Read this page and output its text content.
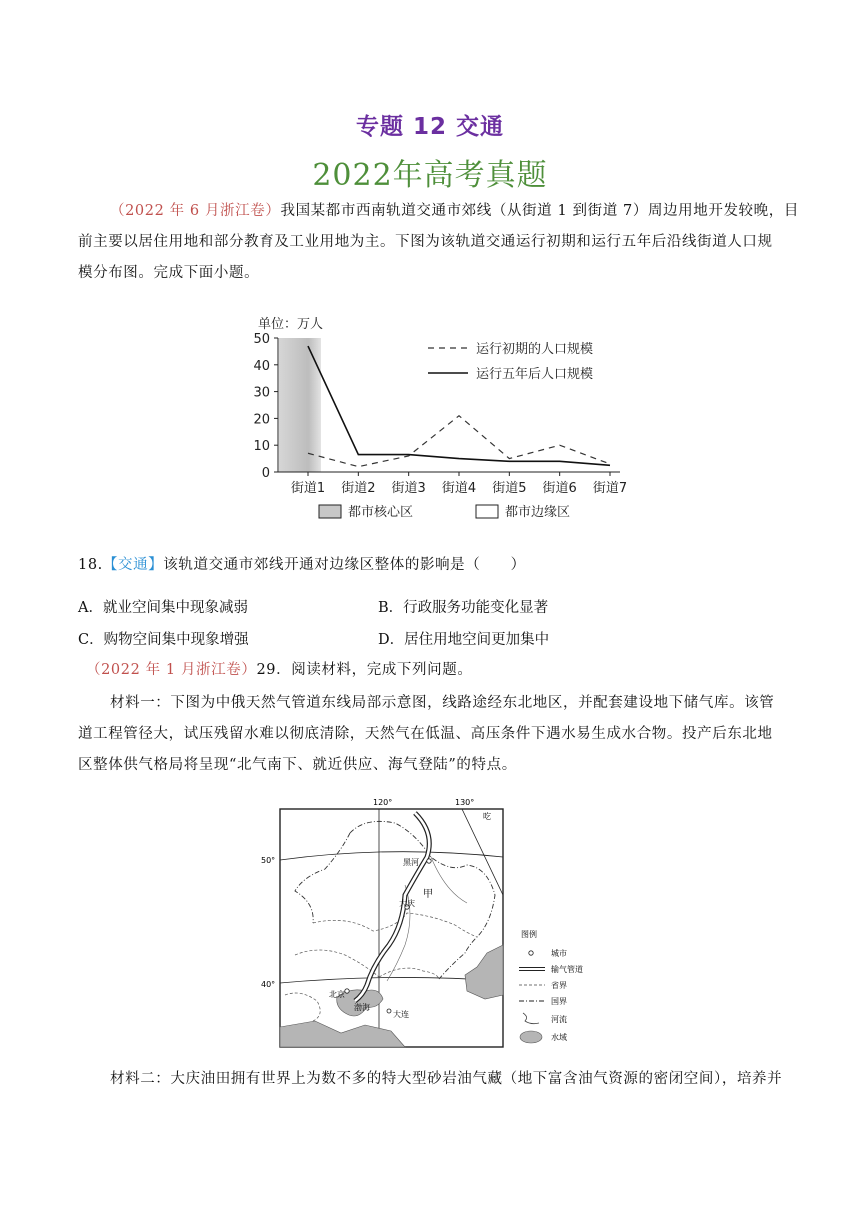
专题 12 交通
2022年高考真题
（2022 年 6 月浙江卷）我国某都市西南轨道交通市郊线（从街道 1 到街道 7）周边用地开发较晚，目
前主要以居住用地和部分教育及工业用地为主。下图为该轨道交通运行初期和运行五年后沿线街道人口规
模分布图。完成下面小题。
单位：万人
0
10
20
30
40
50
街道1 街道2 街道3 街道4 街道5 街道6 街道7
运行初期的人口规模
运行五年后人口规模
都市核心区	都市边缘区
18.【交通】该轨道交通市郊线开通对边缘区整体的影响是（　　）
A．就业空间集中现象减弱	B．行政服务功能变化显著
C．购物空间集中现象增强	D．居住用地空间更加集中
（2022 年 1 月浙江卷）29．阅读材料，完成下列问题。
材料一：下图为中俄天然气管道东线局部示意图，线路途经东北地区，并配套建设地下储气库。该管
道工程管径大，试压残留水难以彻底清除，天然气在低温、高压条件下遇水易生成水合物。投产后东北地
区整体供气格局将呈现“北气南下、就近供应、海气登陆”的特点。
120°	130°
吃
50°
40°
黑河
甲
大庆
北京
渤海
大连
图例
城市
输气管道
省界
国界
河流
水域
材料二：大庆油田拥有世界上为数不多的特大型砂岩油气藏（地下富含油气资源的密闭空间），培养并
